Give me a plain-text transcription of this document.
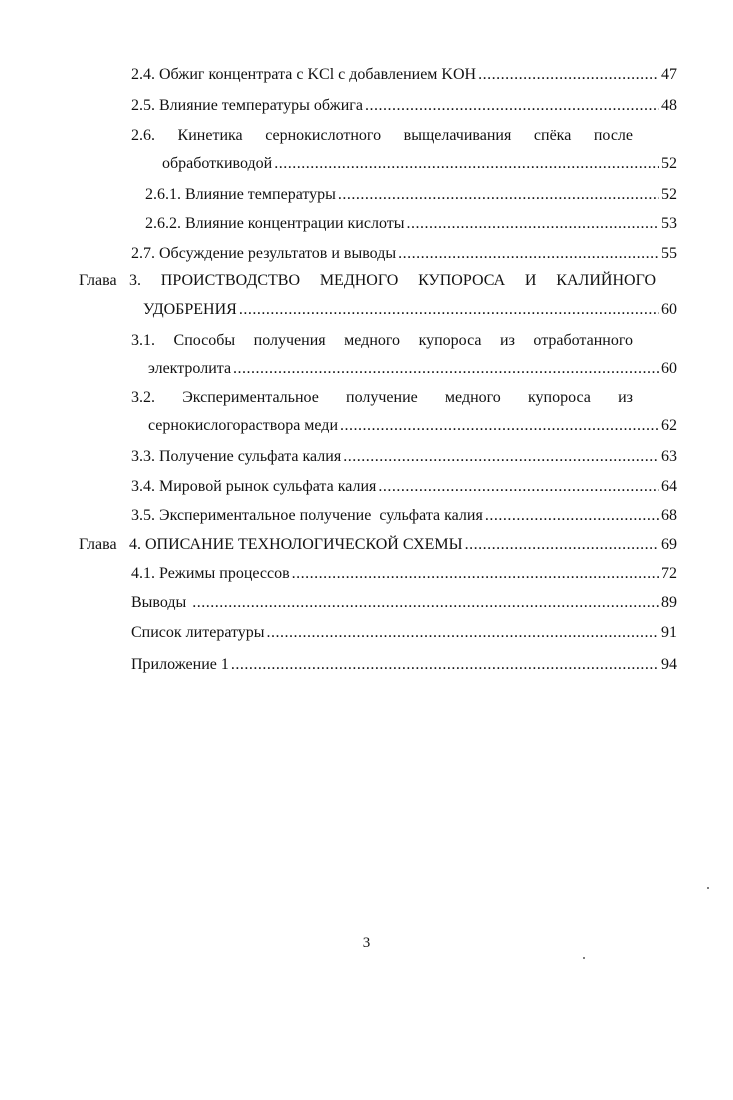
2.4. Обжиг концентрата с KCl с добавлением KOH .....	47
2.5. Влияние температуры обжига .....	48
2.6. Кинетика сернокислотного выщелачивания спёка после
обработкиводой .....	52
2.6.1. Влияние температуры .....	52
2.6.2. Влияние концентрации кислоты .....	53
2.7. Обсуждение результатов и выводы .....	55
Глава 3. ПРОИСТВОДСТВО МЕДНОГО КУПОРОСА И КАЛИЙНОГО
УДОБРЕНИЯ .....	60
3.1. Способы получения медного купороса из отработанного
электролита .....	60
3.2. Экспериментальное получение медного купороса из
сернокислогораствора меди .....	62
3.3. Получение сульфата калия .....	63
3.4. Мировой рынок сульфата калия .....	64
3.5. Экспериментальное получение  сульфата калия .....	68
Глава 4. ОПИСАНИЕ ТЕХНОЛОГИЧЕСКОЙ СХЕМЫ .....	69
4.1. Режимы процессов .....	72
Выводы .....	89
Список литературы .....	91
Приложение 1 .....	94
3
